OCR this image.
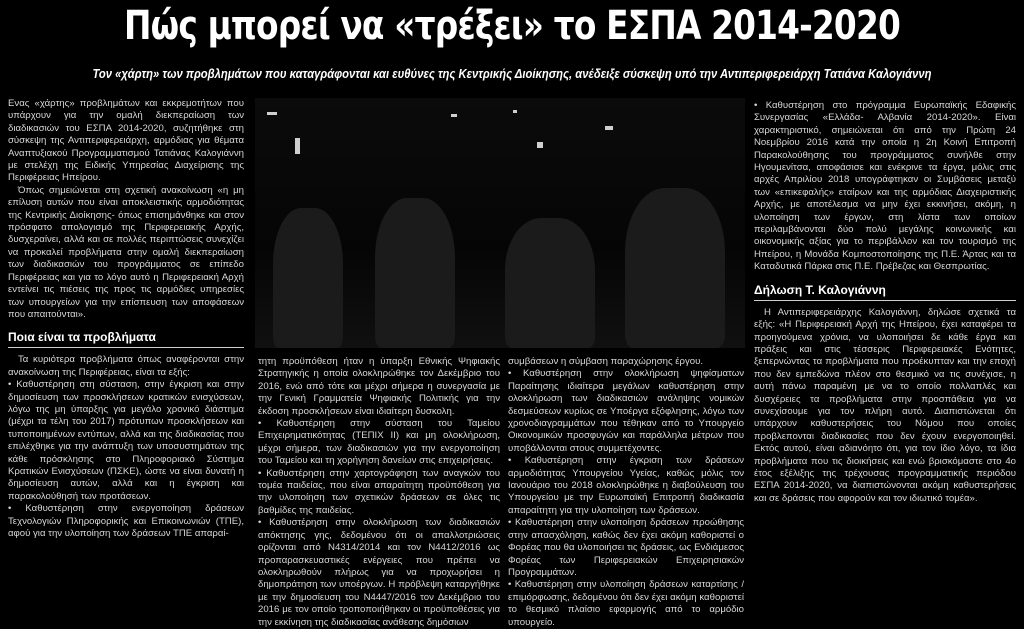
Πώς μπορεί να «τρέξει» το ΕΣΠΑ 2014-2020
Τον «χάρτη» των προβλημάτων που καταγράφονται και ευθύνες της Κεντρικής Διοίκησης, ανέδειξε σύσκεψη υπό την Αντιπεριφερειάρχη Τατιάνα Καλογιάννη

Ενας «χάρτης» προβλημάτων και εκκρεμοτήτων που υπάρχουν για την ομαλή διεκπεραίωση των διαδικασιών του ΕΣΠΑ 2014-2020, συζητήθηκε στη σύσκεψη της Αντιπεριφερειάρχη, αρμόδιας για θέματα Αναπτυξιακού Προγραμματισμού Τατιάνας Καλογιάννη με στελέχη της Ειδικής Υπηρεσίας Διαχείρισης της Περιφέρειας Ηπείρου.

Όπως σημειώνεται στη σχετική ανακοίνωση «η μη επίλυση αυτών που είναι αποκλειστικής αρμοδιότητας της Κεντρικής Διοίκησης- όπως επισημάνθηκε και στον πρόσφατο απολογισμό της Περιφερειακής Αρχής, δυσχεραίνει, αλλά και σε πολλές περιπτώσεις συνεχίζει να προκαλεί προβλήματα στην ομαλή διεκπεραίωση των διαδικασιών του προγράμματος σε επίπεδο Περιφέρειας και για το λόγο αυτό η Περιφερειακή Αρχή εντείνει τις πιέσεις της προς τις αρμόδιες υπηρεσίες των υπουργείων για την επίσπευση των αποφάσεων που απαιτούνται».

Ποια είναι τα προβλήματα

Τα κυριότερα προβλήματα όπως αναφέρονται στην ανακοίνωση της Περιφέρειας, είναι τα εξής:

• Καθυστέρηση στη σύσταση, στην έγκριση και στην δημοσίευση των προσκλήσεων κρατικών ενισχύσεων, λόγω της μη ύπαρξης για μεγάλο χρονικό διάστημα (μέχρι τα τέλη του 2017) πρότυπων προσκλήσεων και τυποποιημένων εντύπων, αλλά και της διαδικασίας που επιλέχθηκε για την ανάπτυξη των υποσυστημάτων της κάθε πρόσκλησης στο Πληροφοριακό Σύστημα Κρατικών Ενισχύσεων (ΠΣΚΕ), ώστε να είναι δυνατή η δημοσίευση αυτών, αλλά και η έγκριση και παρακολούθησή των προτάσεων.

• Καθυστέρηση στην ενεργοποίηση δράσεων Τεχνολογιών Πληροφορικής και Επικοινωνιών (ΤΠΕ), αφού για την υλοποίηση των δράσεων ΤΠΕ απαραί-

τητη προϋπόθεση ήταν η ύπαρξη Εθνικής Ψηφιακής Στρατηγικής η οποία ολοκληρώθηκε τον Δεκέμβριο του 2016, ενώ από τότε και μέχρι σήμερα η συνεργασία με την Γενική Γραμματεία Ψηφιακής Πολιτικής για την έκδοση προσκλήσεων είναι ιδιαίτερη δυσκολη.

• Καθυστέρηση στην σύσταση του Ταμείου Επιχειρηματικότητας (ΤΕΠΙΧ ΙΙ) και μη ολοκλήρωση, μέχρι σήμερα, των διαδικασιών για την ενεργοποίηση του Ταμείου και τη χορήγηση δανείων στις επιχειρήσεις.

• Καθυστέρηση στην χαρτογράφηση των αναγκών του τομέα παιδείας, που είναι απαραίτητη προϋπόθεση για την υλοποίηση των σχετικών δράσεων σε όλες τις βαθμίδες της παιδείας.

• Καθυστέρηση στην ολοκλήρωση των διαδικασιών απόκτησης γης, δεδομένου ότι οι απαλλοτριώσεις ορίζονται από Ν4314/2014 και τον Ν4412/2016 ως προπαρασκευαστικές ενέργειες που πρέπει να ολοκληρωθούν πλήρως για να προχωρήσει η δημοπράτηση των υποέργων. Η πρόβλεψη καταργήθηκε με την δημοσίευση του Ν4447/2016 τον Δεκέμβριο του 2016 με τον οποίο τροποποιήθηκαν οι προϋποθέσεις για την εκκίνηση της διαδικασίας ανάθεσης δημόσιων

συμβάσεων η σύμβαση παραχώρησης έργου.

• Καθυστέρηση στην ολοκλήρωση ψηφίσματων Παραίτησης ιδιαίτερα μεγάλων καθυστέρηση στην ολοκλήρωση των διαδικασιών ανάληψης νομικών δεσμεύσεων κυρίως σε Υποέργα εξόφλησης, λόγω των χρονοδιαγραμμάτων που τέθηκαν από το Υπουργείο Οικονομικών προσφυγών και παράλληλα μέτρων που υποβάλλονται στους συμμετέχοντες.

• Καθυστέρηση στην έγκριση των δράσεων αρμοδιότητας Υπουργείου Υγείας, καθώς μόλις τον Ιανουάριο του 2018 ολοκληρώθηκε η διαβούλευση του Υπουργείου με την Ευρωπαϊκή Επιτροπή διαδικασία απαραίτητη για την υλοποίηση των δράσεων.

• Καθυστέρηση στην υλοποίηση δράσεων προώθησης στην απασχόληση, καθώς δεν έχει ακόμη καθοριστεί ο Φορέας που θα υλοποιήσει τις δράσεις, ως Ενδιάμεσος Φορέας των Περιφερειακών Επιχειρησιακών Προγραμμάτων.

• Καθυστέρηση στην υλοποίηση δράσεων καταρτίσης / επιμόρφωσης, δεδομένου ότι δεν έχει ακόμη καθοριστεί το θεσμικό πλαίσιο εφαρμογής από το αρμόδιο υπουργείο.

• Καθυστέρηση στο πρόγραμμα Ευρωπαϊκής Εδαφικής Συνεργασίας «Ελλάδα- Αλβανία 2014-2020». Είναι χαρακτηριστικό, σημειώνεται ότι από την Πρώτη 24 Νοεμβρίου 2016 κατά την οποία η 2η Κοινή Επιτροπή Παρακολούθησης του προγράμματος συνήλθε στην Ηγουμενίτσα, αποφάσισε και ενέκρινε τα έργα, μόλις στις αρχές Απριλίου 2018 υπογράφτηκαν οι Συμβάσεις μεταξύ των «επικεφαλής» εταίρων και της αρμόδιας Διαχειριστικής Αρχής, με αποτέλεσμα να μην έχει εκκινήσει, ακόμη, η υλοποίηση των έργων, στη λίστα των οποίων περιλαμβάνονται δύο πολύ μεγάλης κοινωνικής και οικονομικής αξίας για το περιβάλλον και τον τουρισμό της Ηπείρου, η Μονάδα Κομποστοποίησης της Π.Ε. Άρτας και τα Καταδυτικά Πάρκα στις Π.Ε. Πρέβεζας και Θεσπρωτίας.

Δήλωση Τ. Καλογιάννη

Η Αντιπεριφερειάρχης Καλογιάννη, δηλώσε σχετικά τα εξής: «Η Περιφερειακή Αρχή της Ηπείρου, έχει καταφέρει τα προηγούμενα χρόνια, να υλοποιήσει δε κάθε έργα και πράξεις και στις τέσσερις Περιφερειακές Ενότητες, ξεπερνώντας τα προβλήματα που προέκυπταν και την εποχή που δεν εμπεδώνα πλέον στο θεσμικό να τις συνέχισε, η αυτή πάνω παραμένη με να το οποίο πολλαπλές και δυσχέρειες τα προβλήματα στην προσπάθεια για να συνεχίσουμε για τον πλήρη αυτό. Διαπιστώνεται ότι υπάρχουν καθυστερήσεις του Νόμου που οποίες προβλεπονται διαδικασίες που δεν έχουν ενεργοποιηθεί. Εκτός αυτού, είναι αδιανόητο ότι, για τον ίδιο λόγο, τα ίδια προβλήματα που τις διοικήσεις και ενώ βρισκόμαστε στο 4ο έτος εξέλιξης της τρέχουσας προγραμματικής περιόδου ΕΣΠΑ 2014-2020, να διαπιστώνονται ακόμη καθυστερήσεις και σε δράσεις που αφορούν και τον ιδιωτικό τομέα».
